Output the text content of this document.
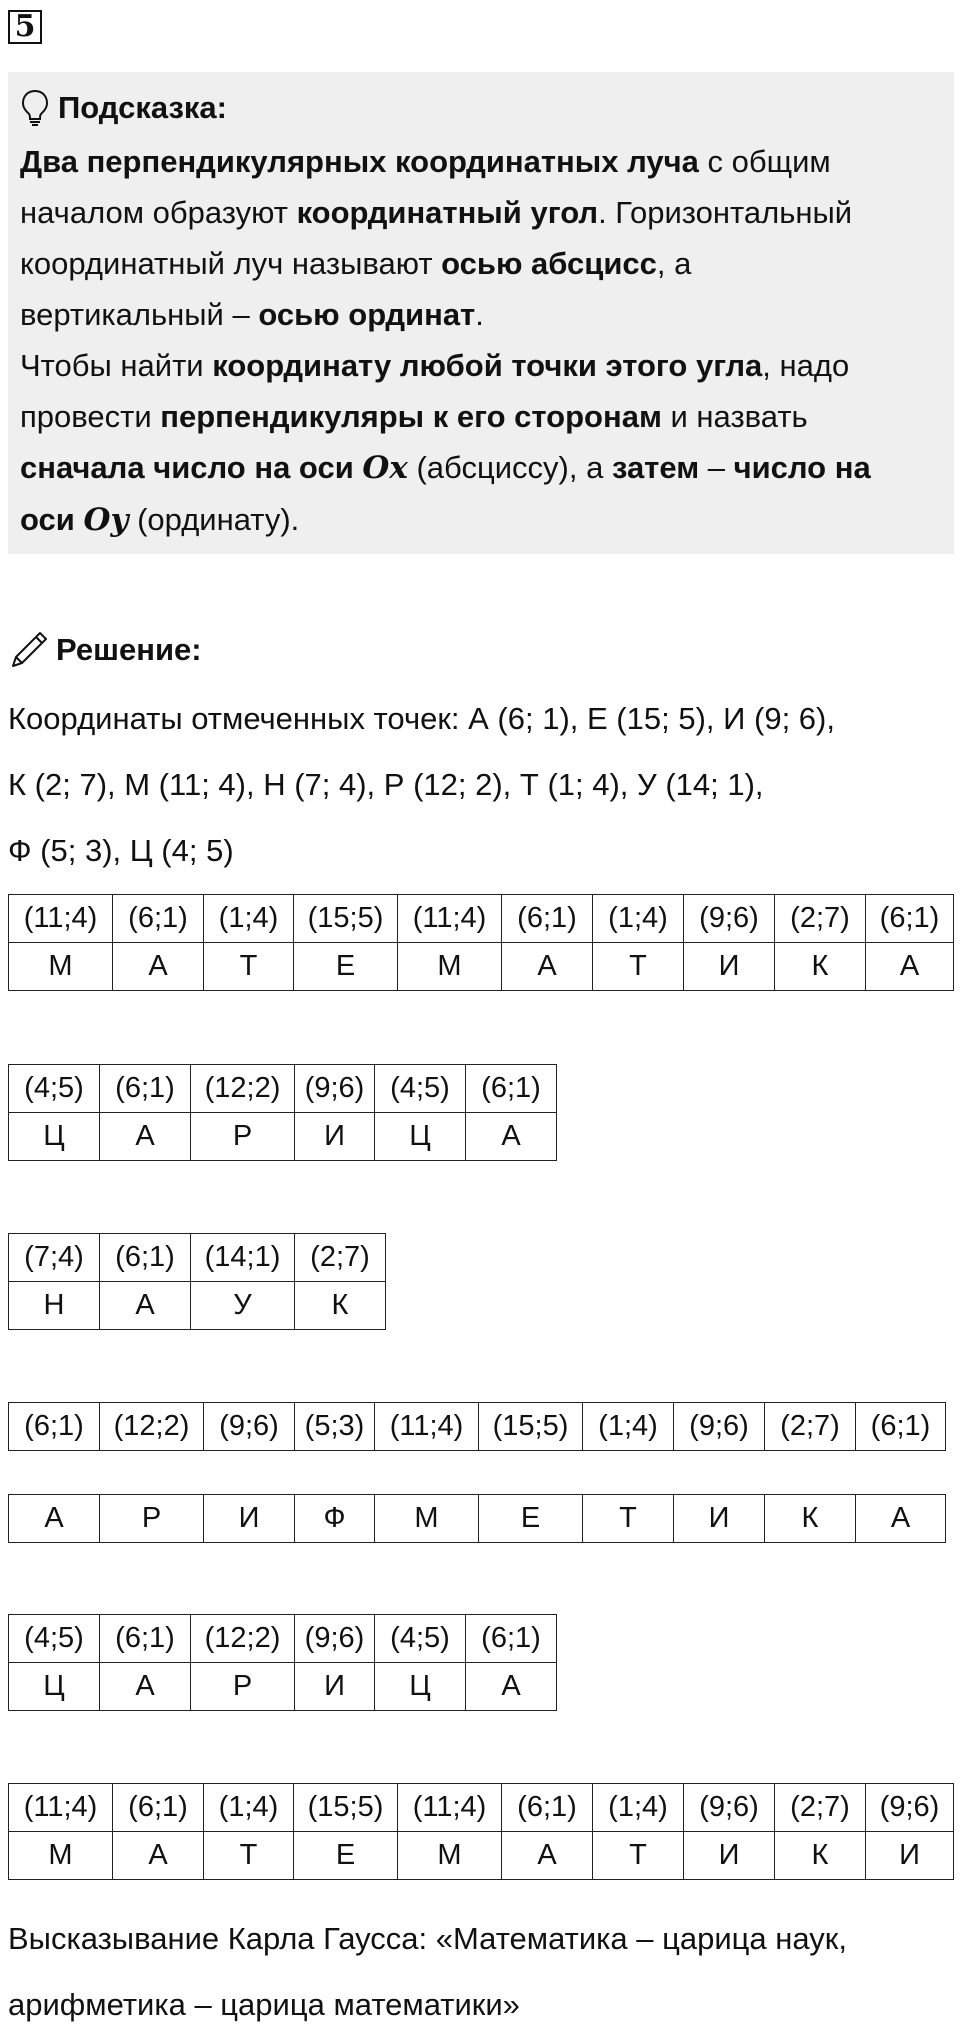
5
Подсказка:
Два перпендикулярных координатных луча с общим
началом образуют координатный угол. Горизонтальный
координатный луч называют осью абсцисс, а
вертикальный – осью ординат.
Чтобы найти координату любой точки этого угла, надо
провести перпендикуляры к его сторонам и назвать
сначала число на оси Ox (абсциссу), а затем – число на
оси Oy (ординату).
Решение:
Координаты отмеченных точек: А (6; 1), Е (15; 5), И (9; 6),
К (2; 7), М (11; 4), Н (7; 4), Р (12; 2), Т (1; 4), У (14; 1),
Ф (5; 3), Ц (4; 5)
(11;4)	(6;1)	(1;4)	(15;5)	(11;4)	(6;1)	(1;4)	(9;6)	(2;7)	(6;1)
М	А	Т	Е	М	А	Т	И	К	А
(4;5)	(6;1)	(12;2)	(9;6)	(4;5)	(6;1)
Ц	А	Р	И	Ц	А
(7;4)	(6;1)	(14;1)	(2;7)
Н	А	У	К
(6;1)	(12;2)	(9;6)	(5;3)	(11;4)	(15;5)	(1;4)	(9;6)	(2;7)	(6;1)
А	Р	И	Ф	М	Е	Т	И	К	А
(4;5)	(6;1)	(12;2)	(9;6)	(4;5)	(6;1)
Ц	А	Р	И	Ц	А
(11;4)	(6;1)	(1;4)	(15;5)	(11;4)	(6;1)	(1;4)	(9;6)	(2;7)	(9;6)
М	А	Т	Е	М	А	Т	И	К	И
Высказывание Карла Гаусса: «Математика – царица наук,
арифметика – царица математики»
